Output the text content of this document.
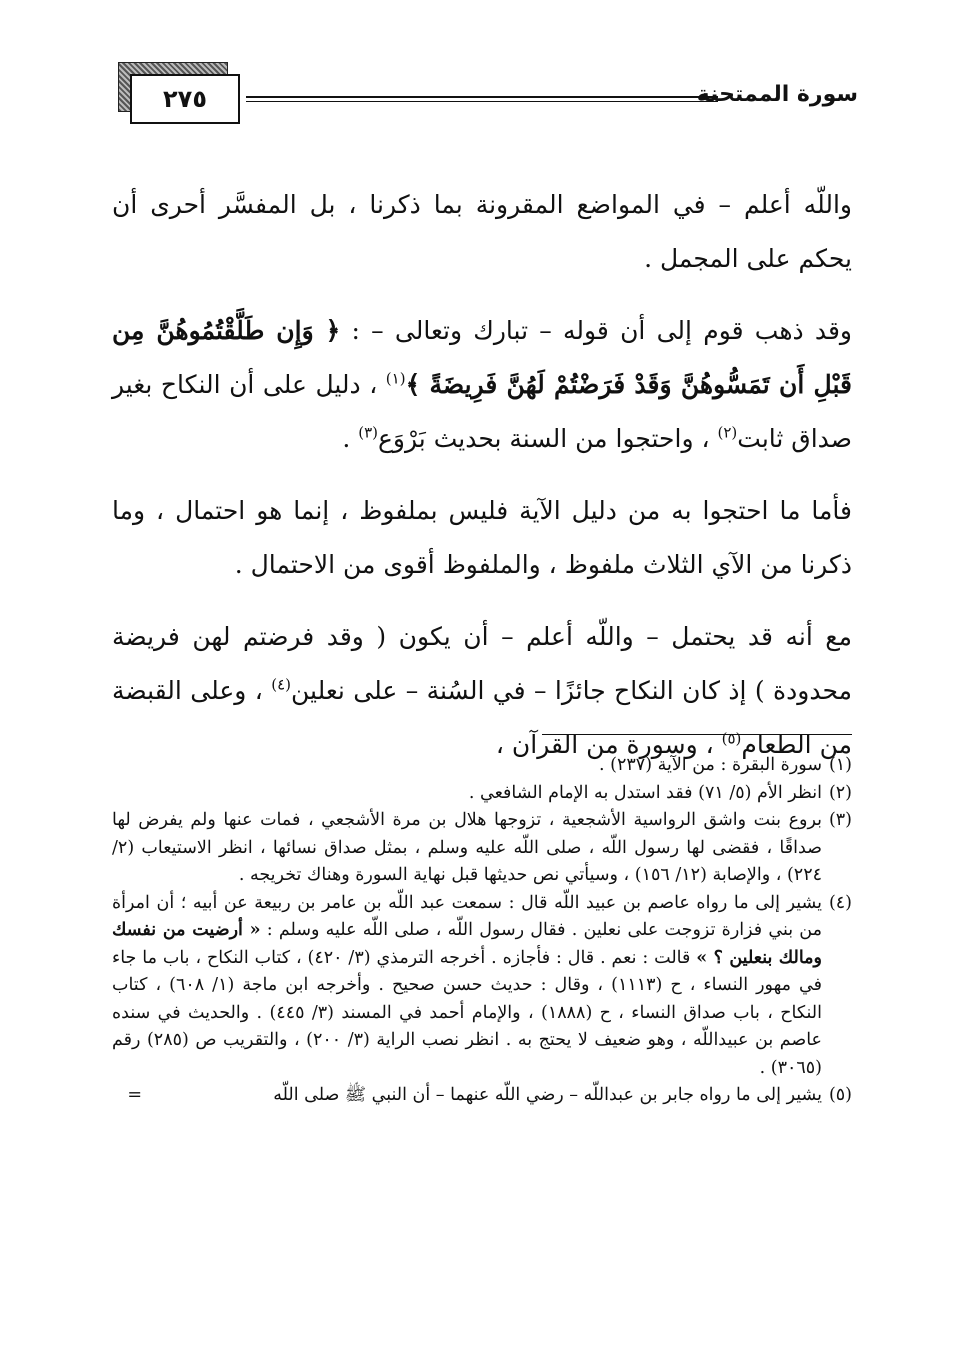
٢٧٥	سورة الممتحنة

واللّه أعلم – في المواضع المقرونة بما ذكرنا ، بل المفسَّر أحرى أن يحكم على المجمل .

وقد ذهب قوم إلى أن قوله – تبارك وتعالى – : ﴿ وَإِن طَلَّقْتُمُوهُنَّ مِن قَبْلِ أَن تَمَسُّوهُنَّ وَقَدْ فَرَضْتُمْ لَهُنَّ فَرِيضَةً ﴾$^{(١)}$ ، دليل على أن النكاح بغير صداق ثابت$^{(٢)}$ ، واحتجوا من السنة بحديث بَرْوَع$^{(٣)}$ .

فأما ما احتجوا به من دليل الآية فليس بملفوظ ، إنما هو احتمال ، وما ذكرنا من الآي الثلاث ملفوظ ، والملفوظ أقوى من الاحتمال .

مع أنه قد يحتمل – واللّه أعلم – أن يكون ( وقد فرضتم لهن فريضة محدودة ) إذ كان النكاح جائزًا – في السُنة – على نعلين$^{(٤)}$ ، وعلى القبضة من الطعام$^{(٥)}$ ، وسورة من القرآن ،

(١)سورة البقرة : من الآية (٢٣٧) .

(٢)انظر الأم (٥/ ٧١) فقد استدل به الإمام الشافعي .

(٣)بروع بنت واشق الرواسية الأشجعية ، تزوجها هلال بن مرة الأشجعي ، فمات عنها ولم يفرض لها صداقًا ، فقضى لها رسول اللّه ، صلى اللّه عليه وسلم ، بمثل صداق نسائها ، انظر الاستيعاب (٢/ ٢٢٤) ، والإصابة (١٢/ ١٥٦) ، وسيأتي نص حديثها قبل نهاية السورة وهناك تخريجه .

(٤)يشير إلى ما رواه عاصم بن عبيد اللّه قال : سمعت عبد اللّه بن عامر بن ربيعة عن أبيه ؛ أن امرأة من بني فزارة تزوجت على نعلين . فقال رسول اللّه ، صلى اللّه عليه وسلم : « أرضيت من نفسك ومالك بنعلين ؟ » قالت : نعم . قال : فأجازه . أخرجه الترمذي (٣/ ٤٢٠) ، كتاب النكاح ، باب ما جاء في مهور النساء ، ح (١١١٣) ، وقال : حديث حسن صحيح . وأخرجه ابن ماجة (١/ ٦٠٨) ، كتاب النكاح ، باب صداق النساء ، ح (١٨٨٨) ، والإمام أحمد في المسند (٣/ ٤٤٥) . والحديث في سنده عاصم بن عبيداللّه ، وهو ضعيف لا يحتج به . انظر نصب الراية (٣/ ٢٠٠) ، والتقريب ص (٢٨٥) رقم (٣٠٦٥) .

(٥)يشير إلى ما رواه جابر بن عبداللّه – رضي اللّه عنهما – أن النبي ﷺ صلى اللّه
=
